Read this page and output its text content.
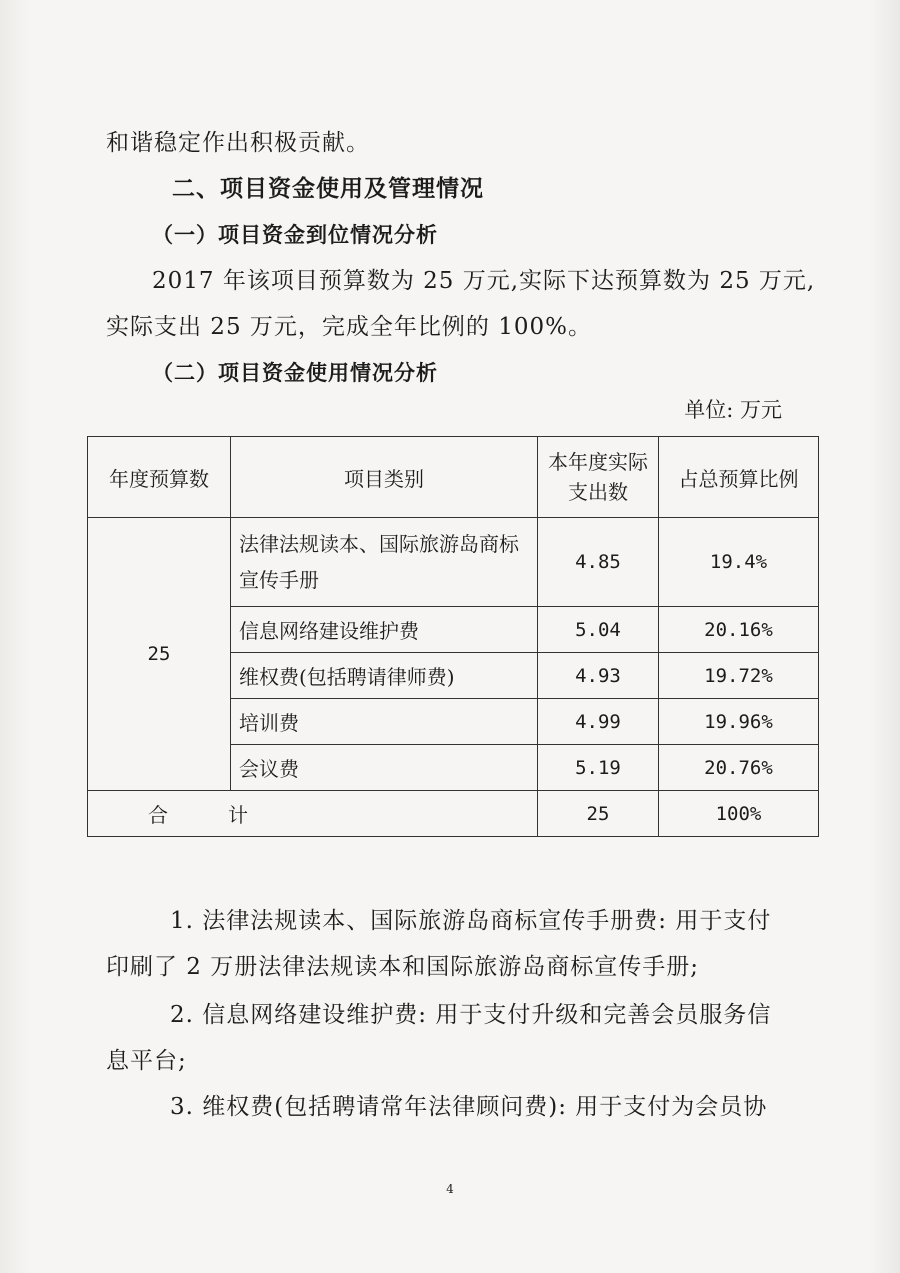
和谐稳定作出积极贡献。
二、项目资金使用及管理情况
（一）项目资金到位情况分析
2017 年该项目预算数为 25 万元,实际下达预算数为 25 万元,
实际支出 25 万元，完成全年比例的 100%。
（二）项目资金使用情况分析
单位: 万元
年度预算数	项目类别	本年度实际支出数	占总预算比例
25	法律法规读本、国际旅游岛商标宣传手册	4.85	19.4%
	信息网络建设维护费	5.04	20.16%
	维权费(包括聘请律师费)	4.93	19.72%
	培训费	4.99	19.96%
	会议费	5.19	20.76%
合　　　计		25	100%
1. 法律法规读本、国际旅游岛商标宣传手册费: 用于支付
印刷了 2 万册法律法规读本和国际旅游岛商标宣传手册;
2. 信息网络建设维护费: 用于支付升级和完善会员服务信
息平台;
3. 维权费(包括聘请常年法律顾问费): 用于支付为会员协
4
